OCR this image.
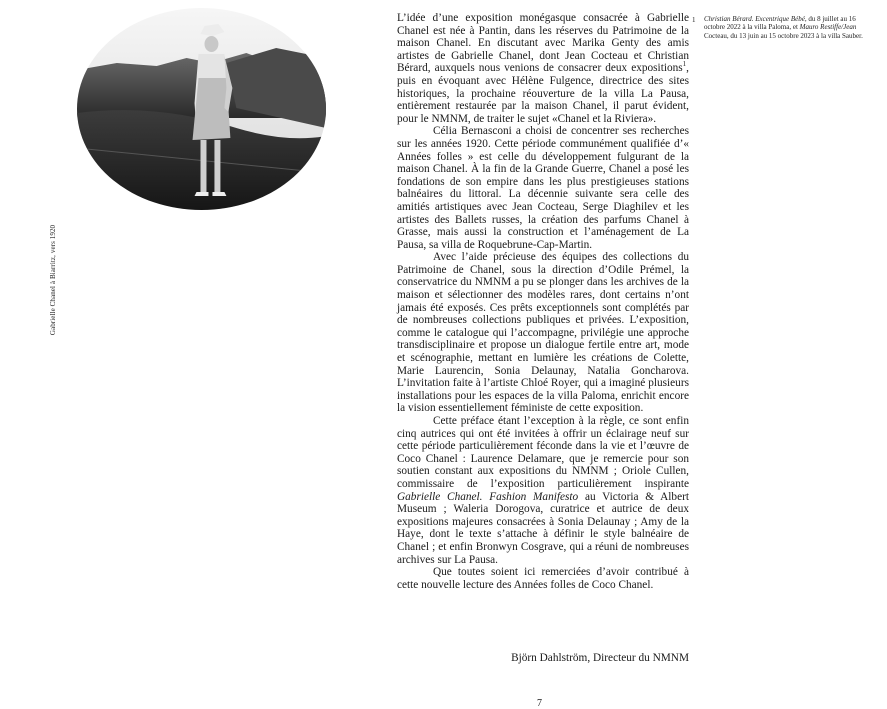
Gabrielle Chanel à Biarritz, vers 1920

L’idée d’une exposition monégasque consacrée à Gabrielle Chanel est née à Pantin, dans les réserves du Patrimoine de la maison Chanel. En discutant avec Marika Genty des amis artistes de Gabrielle Chanel, dont Jean Cocteau et Christian Bérard, auxquels nous venions de consacrer deux expositions$^1$, puis en évoquant avec Hélène Fulgence, directrice des sites historiques, la prochaine réouverture de la villa La Pausa, entièrement restaurée par la maison Chanel, il parut évident, pour le NMNM, de traiter le sujet «Chanel et la Riviera».

Célia Bernasconi a choisi de concentrer ses recherches sur les années 1920. Cette période communément qualifiée d’« Années folles » est celle du développement fulgurant de la maison Chanel. À la fin de la Grande Guerre, Chanel a posé les fondations de son empire dans les plus prestigieuses stations balnéaires du littoral. La décennie suivante sera celle des amitiés artistiques avec Jean Cocteau, Serge Diaghilev et les artistes des Ballets russes, la création des parfums Chanel à Grasse, mais aussi la construction et l’aménagement de La Pausa, sa villa de Roquebrune-Cap-Martin.

Avec l’aide précieuse des équipes des collections du Patrimoine de Chanel, sous la direction d’Odile Prémel, la conservatrice du NMNM a pu se plonger dans les archives de la maison et sélectionner des modèles rares, dont certains n’ont jamais été exposés. Ces prêts exceptionnels sont complétés par de nombreuses collections publiques et privées. L’exposition, comme le catalogue qui l’accompagne, privilégie une approche transdisciplinaire et propose un dialogue fertile entre art, mode et scénographie, mettant en lumière les créations de Colette, Marie Laurencin, Sonia Delaunay, Natalia Goncharova. L’invitation faite à l’artiste Chloé Royer, qui a imaginé plusieurs installations pour les espaces de la villa Paloma, enrichit encore la vision essentiellement féministe de cette exposition.

Cette préface étant l’exception à la règle, ce sont enfin cinq autrices qui ont été invitées à offrir un éclairage neuf sur cette période particulièrement féconde dans la vie et l’œuvre de Coco Chanel : Laurence Delamare, que je remercie pour son soutien constant aux expositions du NMNM ; Oriole Cullen, commissaire de l’exposition particulièrement inspirante Gabrielle Chanel. Fashion Manifesto au Victoria & Albert Museum ; Waleria Dorogova, curatrice et autrice de deux expositions majeures consacrées à Sonia Delaunay ; Amy de la Haye, dont le texte s’attache à définir le style balnéaire de Chanel ; et enfin Bronwyn Cosgrave, qui a réuni de nombreuses archives sur La Pausa.

Que toutes soient ici remerciées d’avoir contribué à cette nouvelle lecture des Années folles de Coco Chanel.

Björn Dahlström, Directeur du NMNM
1 Christian Bérard. Excentrique Bébé, du 8 juillet au 16 octobre 2022 à la villa Paloma, et Mauro Restiffe/Jean Cocteau, du 13 juin au 15 octobre 2023 à la villa Sauber.
7
